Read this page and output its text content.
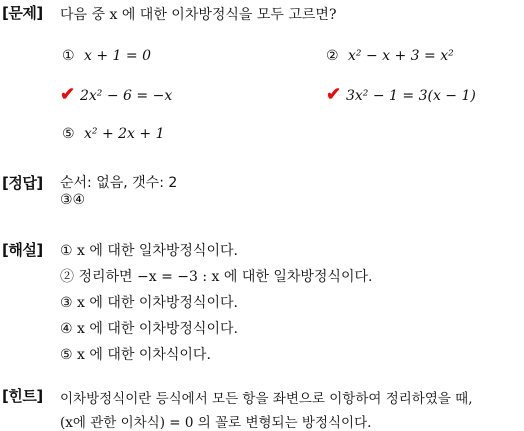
[문제] 다음 중 x 에 대한 이차방정식을 모두 고르면?
① x + 1 = 0	② x² − x + 3 = x²
✔ 2x² − 6 = −x	✔ 3x² − 1 = 3(x − 1)
⑤ x² + 2x + 1
[정답] 순서: 없음, 갯수: 2
③④
[해설] ① x 에 대한 일차방정식이다.
② 정리하면 −x = −3 : x 에 대한 일차방정식이다.
③ x 에 대한 이차방정식이다.
④ x 에 대한 이차방정식이다.
⑤ x 에 대한 이차식이다.
[힌트] 이차방정식이란 등식에서 모든 항을 좌변으로 이항하여 정리하였을 때,
(x에 관한 이차식) = 0 의 꼴로 변형되는 방정식이다.
